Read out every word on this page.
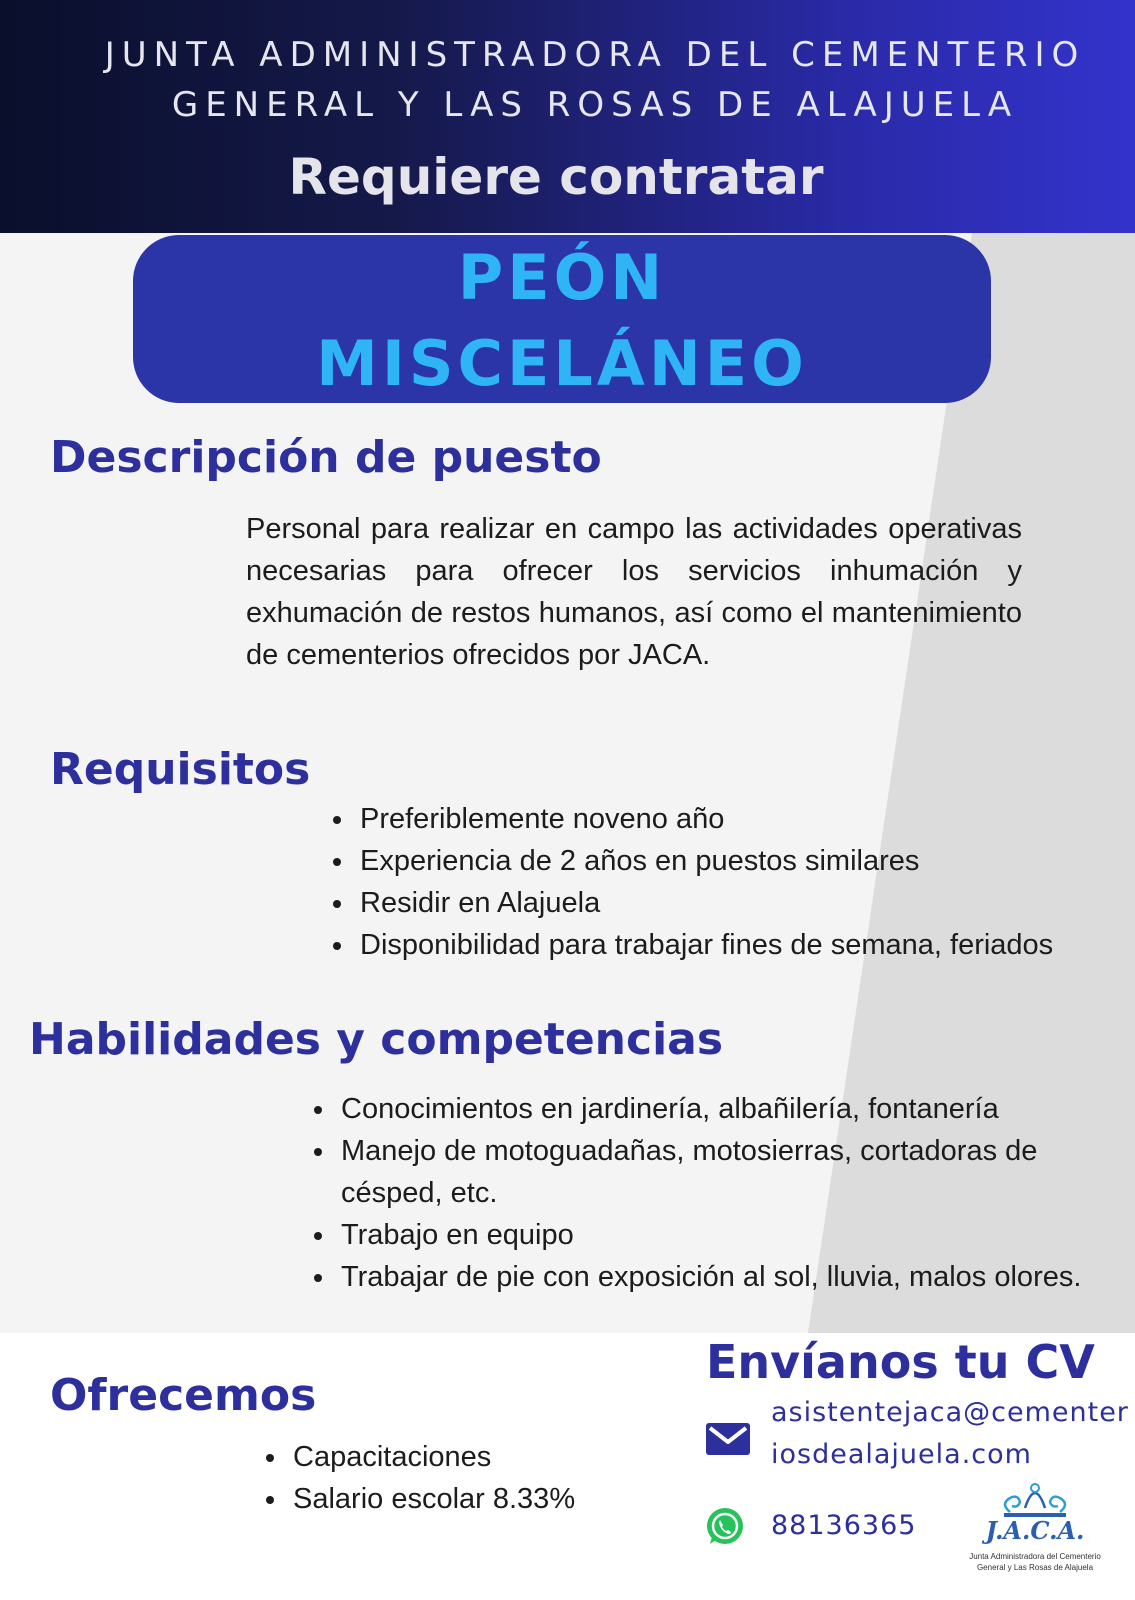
JUNTA ADMINISTRADORA DEL CEMENTERIO
GENERAL Y LAS ROSAS DE ALAJUELA
Requiere contratar
PEÓN
MISCELÁNEO
Descripción de puesto

Personal para realizar en campo las actividades operativas necesarias para ofrecer los servicios inhumación y exhumación de restos humanos, así como el mantenimiento de cementerios ofrecidos por JACA.

Requisitos
• Preferiblemente noveno año
• Experiencia de 2 años en puestos similares
• Residir en Alajuela
• Disponibilidad para trabajar fines de semana, feriados
Habilidades y competencias
• Conocimientos en jardinería, albañilería, fontanería
• Manejo de motoguadañas, motosierras, cortadoras de césped, etc.
• Trabajo en equipo
• Trabajar de pie con exposición al sol, lluvia, malos olores.
Ofrecemos
• Capacitaciones
• Salario escolar 8.33%
Envíanos tu CV

asistentejaca@cementeriosdealajuela.com

88136365	J.A.C.A.
Junta Administradora del Cementerio
General y Las Rosas de Alajuela
